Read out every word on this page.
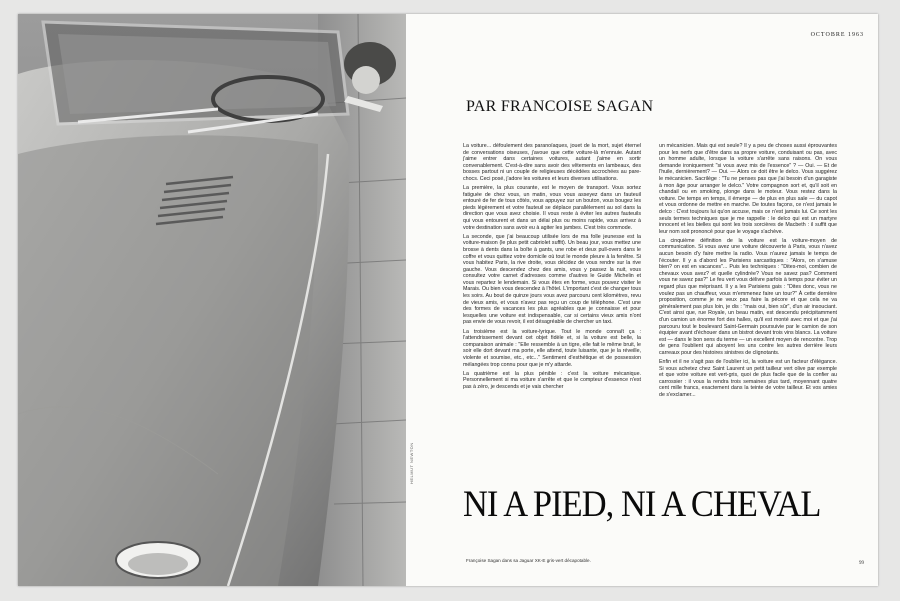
HELMUT NEWTON
OCTOBRE 1963
PAR FRANCOISE SAGAN

La voiture... défoulement des paranoïaques, jouet de la mort, sujet éternel de conversations oiseuses, j'avoue que cette voiture-là m'ennuie. Autant j'aime entrer dans certaines voitures, autant j'aime en sortir convenablement. C'est-à-dire sans avoir des vêtements en lambeaux, des bosses partout ni un couple de religieuses décédées accrochées au pare-chocs. Ceci posé, j'adore les voitures et leurs diverses utilisations.

La première, la plus courante, est le moyen de transport. Vous sortez fatiguée de chez vous, un matin, vous vous asseyez dans un fauteuil entouré de fer de tous côtés, vous appuyez sur un bouton, vous bougez les pieds légèrement et votre fauteuil se déplace parallèlement au sol dans la direction que vous avez choisie. Il vous reste à éviter les autres fauteuils qui vous entourent et dans un délai plus ou moins rapide, vous arrivez à votre destination sans avoir eu à agiter les jambes. C'est très commode.

La seconde, que j'ai beaucoup utilisée lors de ma folle jeunesse est la voiture-maison (le plus petit cabriolet suffit). Un beau jour, vous mettez une brosse à dents dans la boîte à gants, une robe et deux pull-overs dans le coffre et vous quittez votre domicile où tout le monde pleure à la fenêtre. Si vous habitez Paris, la rive droite, vous décidez de vous rendre sur la rive gauche. Vous descendez chez des amis, vous y passez la nuit, vous consultez votre carnet d'adresses comme d'autres le Guide Michelin et vous repartez le lendemain. Si vous êtes en forme, vous pouvez visiter le Marais. Ou bien vous descendez à l'hôtel. L'important c'est de changer tous les soirs. Au bout de quinze jours vous avez parcouru cent kilomètres, revu de vieux amis, et vous n'avez pas reçu un coup de téléphone. C'est une des formes de vacances les plus agréables que je connaisse et pour lesquelles une voiture est indispensable, car si certains vieux amis n'ont pas envie de vous revoir, il est désagréable de chercher un taxi.

La troisième est la voiture-lyrique. Tout le monde connaît ça : l'attendrissement devant cet objet fidèle et, si la voiture est belle, la comparaison animale : "Elle ressemble à un tigre, elle fait le même bruit, le soir elle dort devant ma porte, elle attend, toute luisante, que je la réveille, violente et soumise, etc., etc..." Sentiment d'esthétique et de possession mélangées trop connu pour que je m'y attarde.

La quatrième est la plus pénible : c'est la voiture mécanique. Personnellement si ma voiture s'arrête et que le compteur d'essence n'est pas à zéro, je descends et je vais chercher

un mécanicien. Mais qui est seule? Il y a peu de choses aussi éprouvantes pour les nerfs que d'être dans sa propre voiture, conduisant ou pas, avec un homme adulte, lorsque la voiture s'arrête sans raisons. On vous demande ironiquement "si vous avez mis de l'essence" ? — Oui. — Et de l'huile, dernièrement? — Oui. — Alors ce doit être le delco. Vous suggérez le mécanicien. Sacrilège : "Tu ne penses pas que j'ai besoin d'un garagiste à mon âge pour arranger le delco." Votre compagnon sort et, qu'il soit en chandail ou en smoking, plonge dans le moteur. Vous restez dans la voiture. De temps en temps, il émerge — de plus en plus sale — du capot et vous ordonne de mettre en marche. De toutes façons, ce n'est jamais le delco : C'est toujours lui qu'on accuse, mais ce n'est jamais lui. Ce sont les seuls termes techniques que je me rappelle : le delco qui est un martyre innocent et les bielles qui sont les trois sorcières de Macbeth : il suffit que leur nom soit prononcé pour que le voyage s'achève.

La cinquième définition de la voiture est la voiture-moyen de communication. Si vous avez une voiture découverte à Paris, vous n'avez aucun besoin d'y faire mettre la radio. Vous n'aurez jamais le temps de l'écouter. Il y a d'abord les Parisiens sarcastiques : "Alors, on s'amuse bien? on est en vacances"... Puis les techniques : "Dites-moi, combien de chevaux vous avez? et quelle cylindrée? Vous ne savez pas? Comment vous ne savez pas?" Le feu vert vous délivre parfois à temps pour éviter un regard plus que méprisant. Il y a les Parisiens gais : "Dites donc, vous ne voulez pas un chauffeur, vous m'emmenez faire un tour?" À cette dernière proposition, comme je ne veux pas faire la pécore et que cela ne va généralement pas plus loin, je dis : "mais oui, bien sûr", d'un air insouciant. C'est ainsi que, rue Royale, un beau matin, est descendu précipitamment d'un camion un énorme fort des halles, qu'il est monté avec moi et que j'ai parcouru tout le boulevard Saint-Germain poursuivie par le camion de son équipier avant d'échouer dans un bistrot devant trois vins blancs. La voiture est — dans le bon sens du terme — un excellent moyen de rencontre. Trop de gens l'oublient qui aboyent les uns contre les autres derrière leurs carreaux pour des histoires sinistres de clignotants.

Enfin et il ne s'agit pas de l'oublier ici, la voiture est un facteur d'élégance. Si vous achetez chez Saint Laurent un petit tailleur vert olive par exemple et que votre voiture est vert-gris, quoi de plus facile que de la confier au carrossier : il vous la rendra trois semaines plus tard, moyennant quatre cent mille francs, exactement dans la teinte de votre tailleur. Et vos amies de s'exclamer...

NI A PIED, NI A CHEVAL
Françoise Sagan dans sa Jaguar XK-E gris-vert décapotable.
99
